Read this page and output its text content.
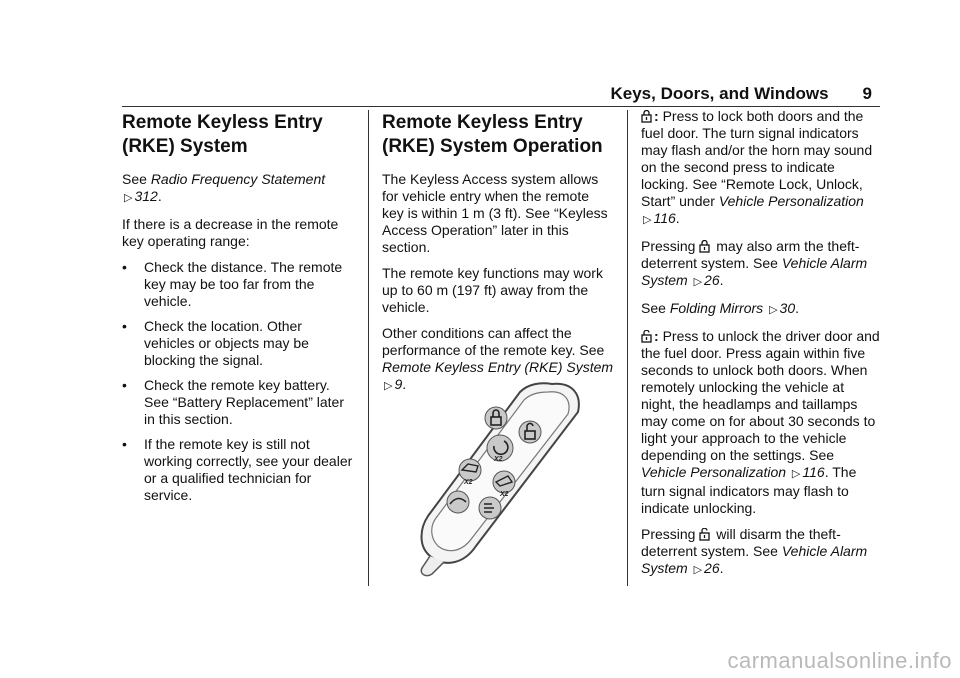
Keys, Doors, and Windows 9
Remote Keyless Entry (RKE) System

See Radio Frequency Statement
▷ 312.

If there is a decrease in the remote key operating range:

• Check the distance. The remote key may be too far from the vehicle.
• Check the location. Other vehicles or objects may be blocking the signal.
• Check the remote key battery. See “Battery Replacement” later in this section.
• If the remote key is still not working correctly, see your dealer or a qualified technician for service.
Remote Keyless Entry (RKE) System Operation

The Keyless Access system allows for vehicle entry when the remote key is within 1 m (3 ft). See “Keyless Access Operation” later in this section.

The remote key functions may work up to 60 m (197 ft) away from the vehicle.

Other conditions can affect the performance of the remote key. See Remote Keyless Entry (RKE) System ▷ 9.

X2
X2
X2

: Press to lock both doors and the fuel door. The turn signal indicators may flash and/or the horn may sound on the second press to indicate locking. See “Remote Lock, Unlock, Start” under Vehicle Personalization ▷ 116.

Pressing may also arm the theft-deterrent system. See Vehicle Alarm System ▷ 26.

See Folding Mirrors ▷ 30.

: Press to unlock the driver door and the fuel door. Press again within five seconds to unlock both doors. When remotely unlocking the vehicle at night, the headlamps and taillamps may come on for about 30 seconds to light your approach to the vehicle depending on the settings. See Vehicle Personalization ▷ 116. The turn signal indicators may flash to indicate unlocking.

Pressing will disarm the theft-deterrent system. See Vehicle Alarm System ▷ 26.

carmanualsonline.info
